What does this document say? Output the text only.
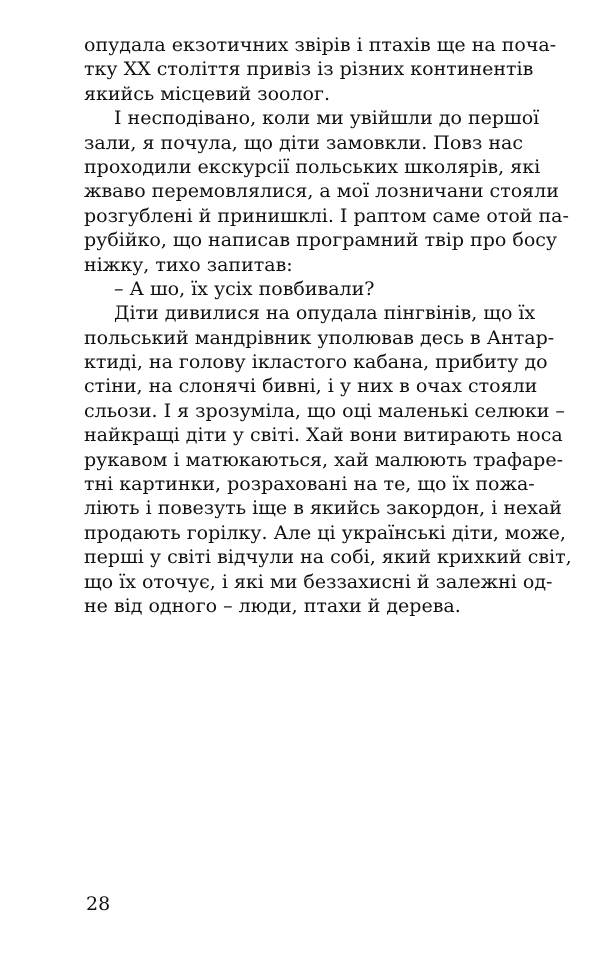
опудала екзотичних звірів і птахів ще на поча-
тку XX століття привіз із різних континентів
якийсь місцевий зоолог.
І несподівано, коли ми увійшли до першої
зали, я почула, що діти замовкли. Повз нас
проходили екскурсії польських школярів, які
жваво перемовлялися, а мої лозничани стояли
розгублені й принишклі. І раптом саме отой па-
рубійко, що написав програмний твір про босу
ніжку, тихо запитав:
– А шо, їх усіх повбивали?
Діти дивилися на опудала пінгвінів, що їх
польський мандрівник уполював десь в Антар-
ктиді, на голову ікластого кабана, прибиту до
стіни, на слонячі бивні, і у них в очах стояли
сльози. І я зрозуміла, що оці маленькі селюки –
найкращі діти у світі. Хай вони витирають носа
рукавом і матюкаються, хай малюють трафаре-
тні картинки, розраховані на те, що їх пожа-
ліють і повезуть іще в якийсь закордон, і нехай
продають горілку. Але ці українські діти, може,
перші у світі відчули на собі, який крихкий світ,
що їх оточує, і які ми беззахисні й залежні од-
не від одного – люди, птахи й дерева.
28
